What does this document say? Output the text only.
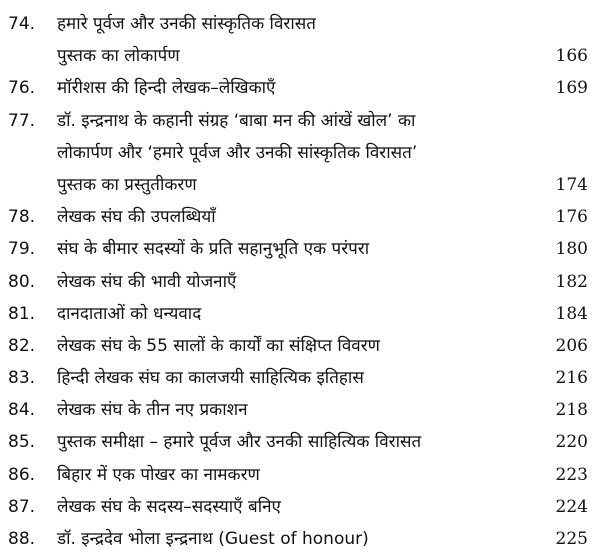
74.	हमारे पूर्वज और उनकी सांस्कृतिक विरासत
पुस्तक का लोकार्पण	166
76.	मॉरीशस की हिन्दी लेखक–लेखिकाएँ	169
77.	डॉ. इन्द्रनाथ के कहानी संग्रह ‘बाबा मन की आंखें खोल’ का
लोकार्पण और ‘हमारे पूर्वज और उनकी सांस्कृतिक विरासत’
पुस्तक का प्रस्तुतीकरण	174
78.	लेखक संघ की उपलब्धियाँ	176
79.	संघ के बीमार सदस्यों के प्रति सहानुभूति एक परंपरा	180
80.	लेखक संघ की भावी योजनाएँ	182
81.	दानदाताओं को धन्यवाद	184
82.	लेखक संघ के 55 सालों के कार्यों का संक्षिप्त विवरण	206
83.	हिन्दी लेखक संघ का कालजयी साहित्यिक इतिहास	216
84.	लेखक संघ के तीन नए प्रकाशन	218
85.	पुस्तक समीक्षा – हमारे पूर्वज और उनकी साहित्यिक विरासत	220
86.	बिहार में एक पोखर का नामकरण	223
87.	लेखक संघ के सदस्य–सदस्याएँ बनिए	224
88.	डॉ. इन्द्रदेव भोला इन्द्रनाथ (Guest of honour)	225
